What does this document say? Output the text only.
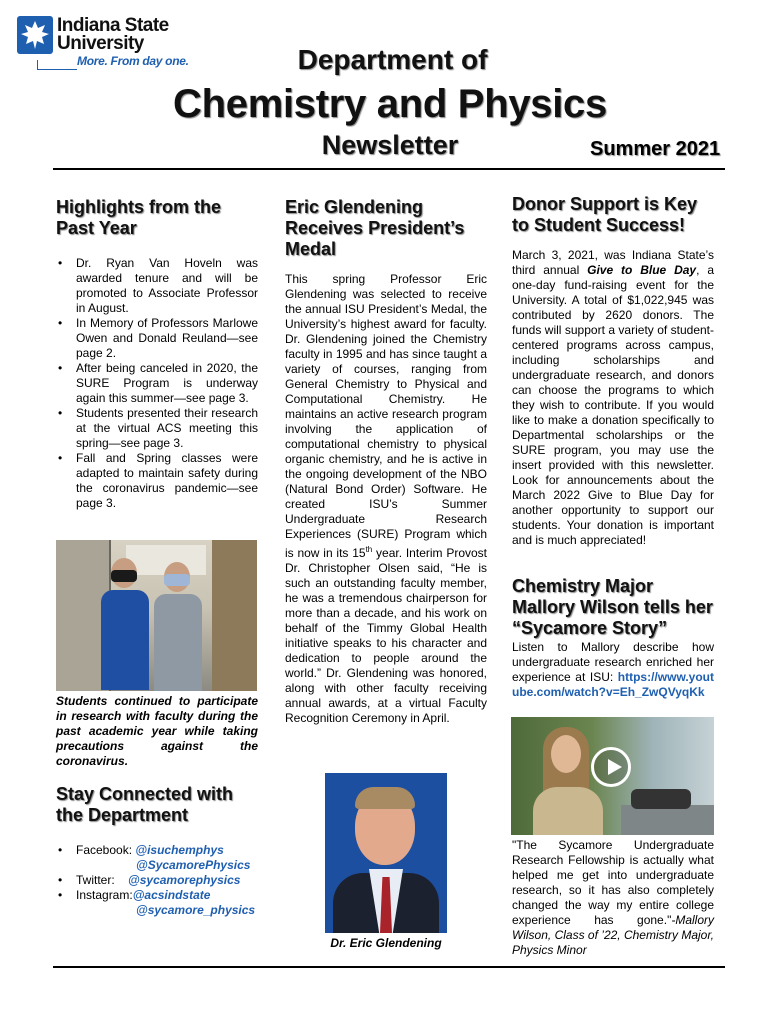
Indiana State
University
More. From day one.	Department of
Chemistry and Physics
Newsletter	Summer 2021
Highlights from the
Past Year
• Dr. Ryan Van Hoveln was awarded tenure and will be promoted to Associate Professor in August.
• In Memory of Professors Marlowe Owen and Donald Reuland—see page 2.
• After being canceled in 2020, the SURE Program is underway again this summer—see page 3.
• Students presented their research at the virtual ACS meeting this spring—see page 3.
• Fall and Spring classes were adapted to maintain safety during the coronavirus pandemic—see page 3.
Students continued to participate in research with faculty during the past academic year while taking precautions against the coronavirus.
Stay Connected with
the Department
• Facebook: @isuchemphys
@SycamorePhysics
• Twitter: @sycamorephysics
• Instagram:@acsindstate
@sycamore_physics
Eric Glendening
Receives President’s
Medal
This spring Professor Eric Glendening was selected to receive the annual ISU President’s Medal, the University’s highest award for faculty. Dr. Glendening joined the Chemistry faculty in 1995 and has since taught a variety of courses, ranging from General Chemistry to Physical and Computational Chemistry. He maintains an active research program involving the application of computational chemistry to physical organic chemistry, and he is active in the ongoing development of the NBO (Natural Bond Order) Software. He created ISU’s Summer Undergraduate Research Experiences (SURE) Program which is now in its 15th year. Interim Provost Dr. Christopher Olsen said, “He is such an outstanding faculty member, he was a tremendous chairperson for more than a decade, and his work on behalf of the Timmy Global Health initiative speaks to his character and dedication to people around the world.” Dr. Glendening was honored, along with other faculty receiving annual awards, at a virtual Faculty Recognition Ceremony in April.
Dr. Eric Glendening
Donor Support is Key
to Student Success!
March 3, 2021, was Indiana State’s third annual Give to Blue Day, a one-day fund-raising event for the University. A total of $1,022,945 was contributed by 2620 donors. The funds will support a variety of student-centered programs across campus, including scholarships and undergraduate research, and donors can choose the programs to which they wish to contribute. If you would like to make a donation specifically to Departmental scholarships or the SURE program, you may use the insert provided with this newsletter. Look for announcements about the March 2022 Give to Blue Day for another opportunity to support our students. Your donation is important and is much appreciated!
Chemistry Major
Mallory Wilson tells her
“Sycamore Story”
Listen to Mallory describe how undergraduate research enriched her experience at ISU: https://www.youtube.com/watch?v=Eh_ZwQVyqKk
"The Sycamore Undergraduate Research Fellowship is actually what helped me get into undergraduate research, so it has also completely changed the way my entire college experience has gone."-Mallory Wilson, Class of ’22, Chemistry Major, Physics Minor
